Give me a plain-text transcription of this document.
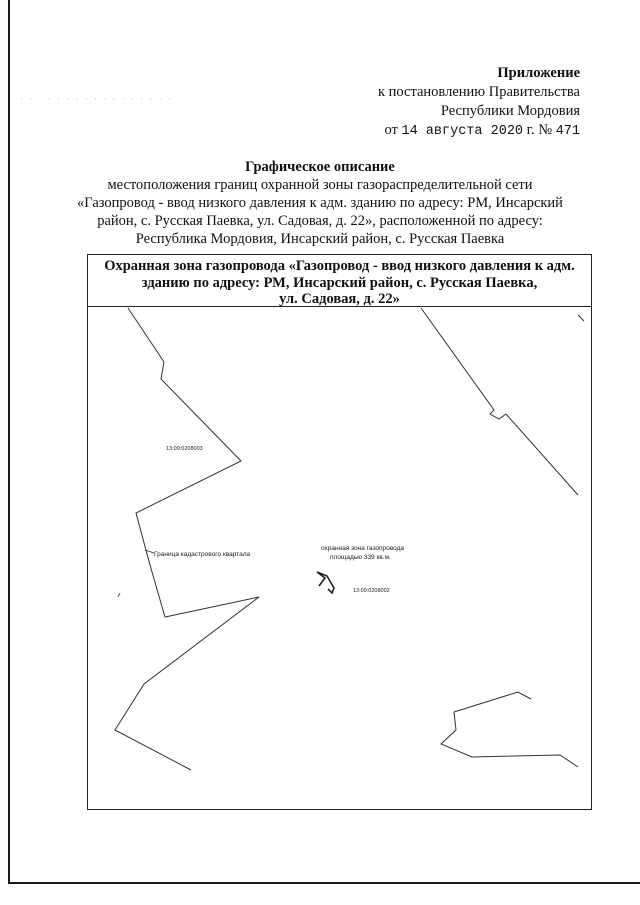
· · · · · · · · · · · · · · · · ·
Приложение
к постановлению Правительства
Республики Мордовия
от 14 августа 2020 г. № 471
Графическое описание
местоположения границ охранной зоны газораспределительной сети
«Газопровод - ввод низкого давления к адм. зданию по адресу: РМ, Инсарский
район, с. Русская Паевка, ул. Садовая, д. 22», расположенной по адресу:
Республика Мордовия, Инсарский район, с. Русская Паевка
Охранная зона газопровода «Газопровод - ввод низкого давления к адм.
зданию по адресу: РМ, Инсарский район, с. Русская Паевка,
ул. Садовая, д. 22»
13:09:0208003
13:09:0208002
охранная зона газопровода
площадью 339 кв.м.
Граница кадастрового квартала
